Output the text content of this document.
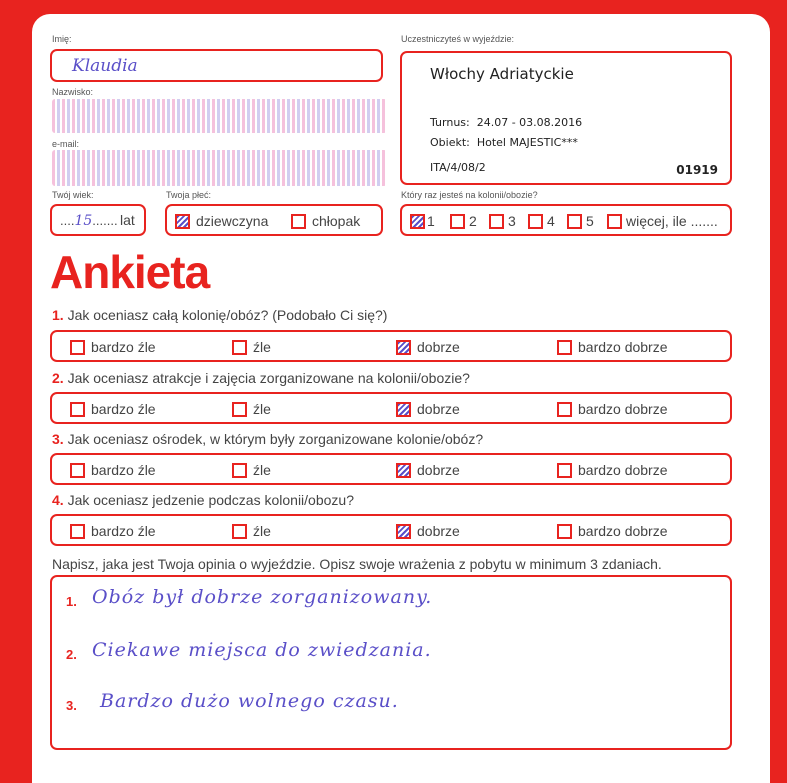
Imię:
Klaudia
Nazwisko:
e-mail:
Twój wiek:
....15....... lat
Twoja płeć:
dziewczyna	chłopak
Uczestniczyteś w wyjeździe:
Włochy Adriatyckie
Turnus:  24.07 - 03.08.2016
Obiekt:  Hotel MAJESTIC***
ITA/4/08/2	01919
Który raz jesteś na kolonii/obozie?
1	2	3	4	5	więcej, ile .......
Ankieta
1. Jak oceniasz całą kolonię/obóz? (Podobało Ci się?)
bardzo źle	źle	dobrze	bardzo dobrze
2. Jak oceniasz atrakcje i zajęcia zorganizowane na kolonii/obozie?
bardzo źle	źle	dobrze	bardzo dobrze
3. Jak oceniasz ośrodek, w którym były zorganizowane kolonie/obóz?
bardzo źle	źle	dobrze	bardzo dobrze
4. Jak oceniasz jedzenie podczas kolonii/obozu?
bardzo źle	źle	dobrze	bardzo dobrze
Napisz, jaka jest Twoja opinia o wyjeździe. Opisz swoje wrażenia z pobytu w minimum 3 zdaniach.
1. Obóz był dobrze zorganizowany.
2. Ciekawe miejsca do zwiedzania.
3. Bardzo dużo wolnego czasu.
